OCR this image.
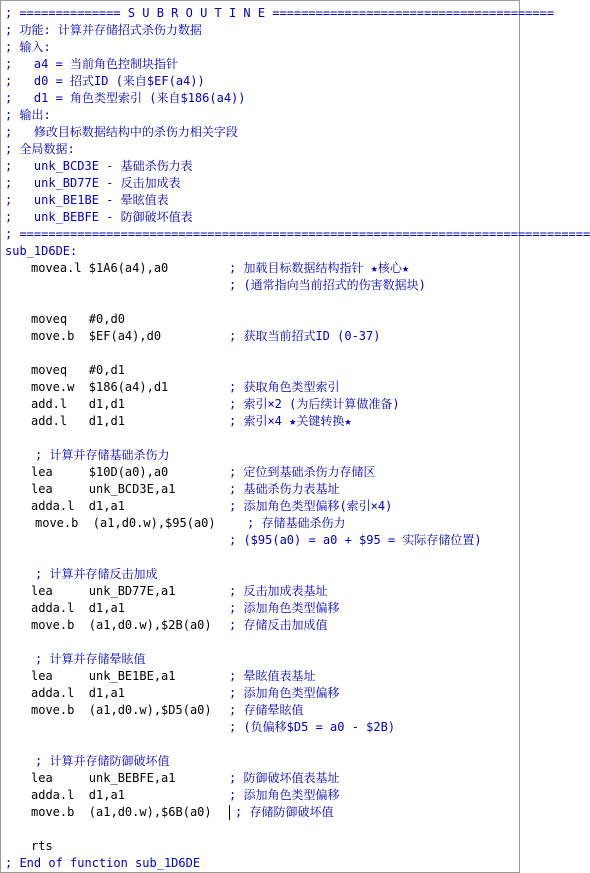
; ============== S U B R O U T I N E =======================================
; 功能: 计算并存储招式杀伤力数据
; 输入:
;   a4 = 当前角色控制块指针
;   d0 = 招式ID (来自$EF(a4))
;   d1 = 角色类型索引 (来自$186(a4))
; 输出:
;   修改目标数据结构中的杀伤力相关字段
; 全局数据:
;   unk_BCD3E - 基础杀伤力表
;   unk_BD77E - 反击加成表
;   unk_BE1BE - 晕眩值表
;   unk_BEBFE - 防御破坏值表
; ===============================================================================
sub_1D6DE:
movea.l $1A6(a4),a0	; 加载目标数据结构指针 ★核心★
; (通常指向当前招式的伤害数据块)
moveq   #0,d0
move.b  $EF(a4),d0	; 获取当前招式ID (0-37)
moveq   #0,d1
move.w  $186(a4),d1	; 获取角色类型索引
add.l   d1,d1	; 索引×2 (为后续计算做准备)
add.l   d1,d1	; 索引×4 ★关键转换★
; 计算并存储基础杀伤力
lea     $10D(a0),a0	; 定位到基础杀伤力存储区
lea     unk_BCD3E,a1	; 基础杀伤力表基址
adda.l  d1,a1	; 添加角色类型偏移(索引×4)
move.b  (a1,d0.w),$95(a0)	; 存储基础杀伤力
; ($95(a0) = a0 + $95 = 实际存储位置)
; 计算并存储反击加成
lea     unk_BD77E,a1	; 反击加成表基址
adda.l  d1,a1	; 添加角色类型偏移
move.b  (a1,d0.w),$2B(a0) ; 存储反击加成值
; 计算并存储晕眩值
lea     unk_BE1BE,a1	; 晕眩值表基址
adda.l  d1,a1	; 添加角色类型偏移
move.b  (a1,d0.w),$D5(a0) ; 存储晕眩值
; (负偏移$D5 = a0 - $2B)
; 计算并存储防御破坏值
lea     unk_BEBFE,a1	; 防御破坏值表基址
adda.l  d1,a1	; 添加角色类型偏移
move.b  (a1,d0.w),$6B(a0) ; 存储防御破坏值
rts
; End of function sub_1D6DE
